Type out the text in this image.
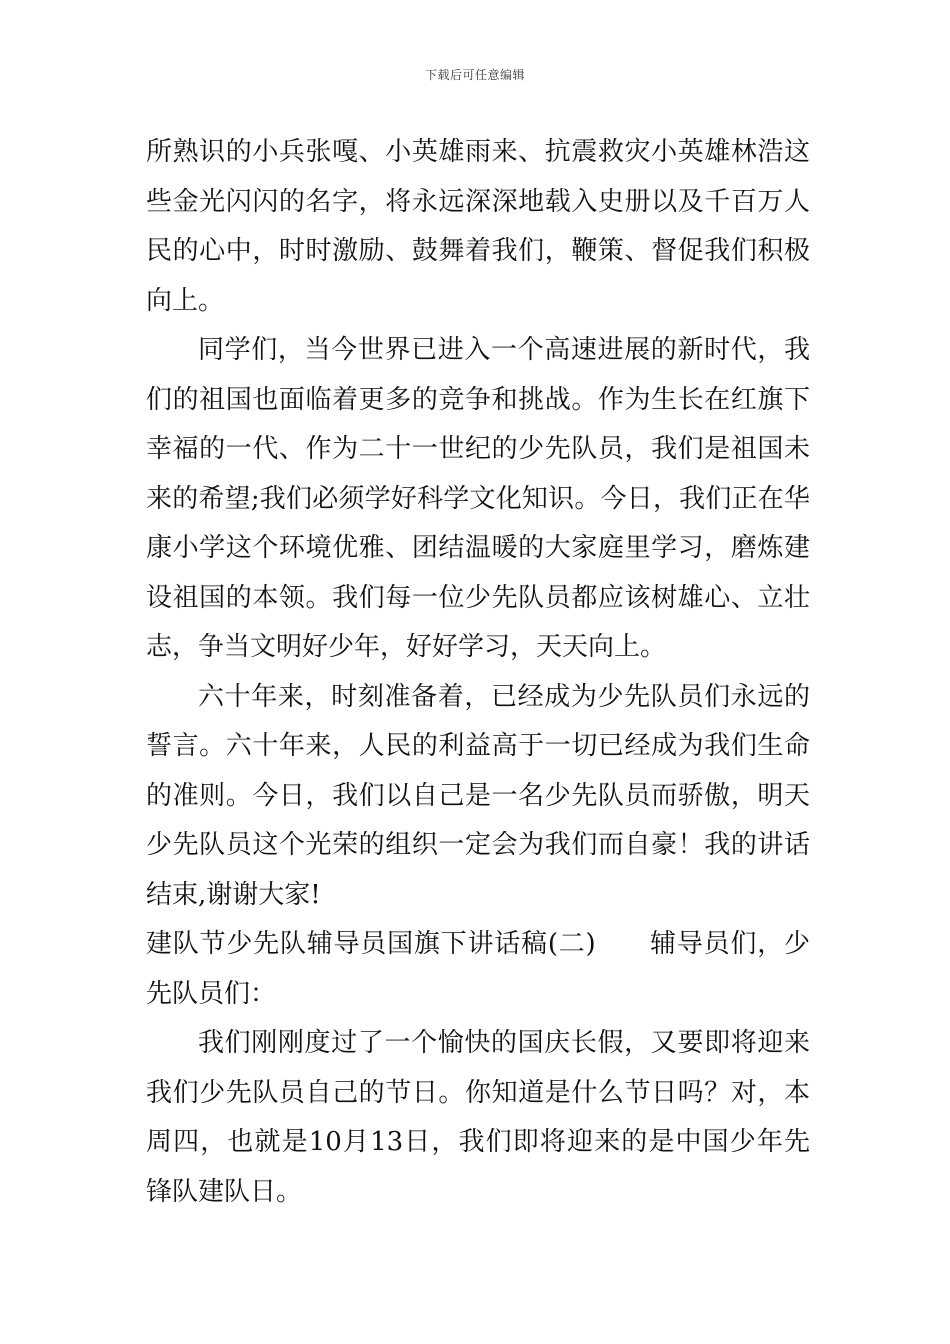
下载后可任意编辑

所熟识的小兵张嘎、小英雄雨来、抗震救灾小英雄林浩这些金光闪闪的名字，将永远深深地载入史册以及千百万人民的心中，时时激励、鼓舞着我们，鞭策、督促我们积极向上。

同学们，当今世界已进入一个高速进展的新时代，我们的祖国也面临着更多的竞争和挑战。作为生长在红旗下幸福的一代、作为二十一世纪的少先队员，我们是祖国未来的希望;我们必须学好科学文化知识。今日，我们正在华康小学这个环境优雅、团结温暖的大家庭里学习，磨炼建设祖国的本领。我们每一位少先队员都应该树雄心、立壮志，争当文明好少年，好好学习，天天向上。

六十年来，时刻准备着，已经成为少先队员们永远的誓言。六十年来，人民的利益高于一切已经成为我们生命的准则。今日，我们以自己是一名少先队员而骄傲，明天少先队员这个光荣的组织一定会为我们而自豪！我的讲话结束,谢谢大家!

建队节少先队辅导员国旗下讲话稿(二)　　辅导员们，少先队员们：

我们刚刚度过了一个愉快的国庆长假，又要即将迎来我们少先队员自己的节日。你知道是什么节日吗？对，本周四，也就是10月13日，我们即将迎来的是中国少年先锋队建队日。
